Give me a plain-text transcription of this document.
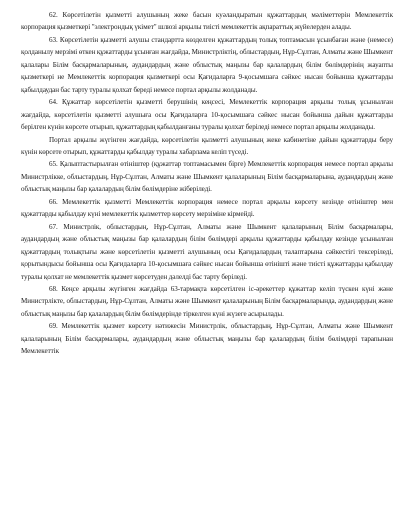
62. Көрсетілетін қызметті алушының жеке басын куәландыратын құжаттардың мәліметтерін Мемлекеттік корпорация қызметкері "электрондық үкімет" шлюзі арқылы тиісті мемлекеттік ақпараттық жүйелерден алады.

63. Көрсетілетін қызметті алушы стандартта көзделген құжаттардың толық топтамасын ұсынбаған және (немесе) қолданылу мерзімі өткен құжаттарды ұсынған жағдайда, Министрліктің, облыстардың, Нұр-Сұлтан, Алматы және Шымкент қалалары Білім басқармаларының, аудандардың және облыстық маңызы бар қалалардың білім бөлімдерінің жауапты қызметкері не Мемлекеттік корпорация қызметкері осы Қағидаларға 9-қосымшаға сәйкес нысан бойынша құжаттарды қабылдаудан бас тарту туралы қолхат береді немесе портал арқылы жолданады.

64. Құжаттар көрсетілетін қызметті берушінің кеңсесі, Мемлекеттік корпорация арқылы толық ұсынылған жағдайда, көрсетілетін қызметті алушыға осы Қағидаларға 10-қосымшаға сәйкес нысан бойынша дайын құжаттарды берілген күнін көрсете отырып, құжаттардың қабылданғаны туралы қолхат беріледі немесе портал арқылы жолданады.

Портал арқылы жүгінген жағдайда, көрсетілетін қызметті алушының жеке кабинетіне дайын құжаттарды беру күнін көрсете отырып, құжаттарды қабылдау туралы хабарлама келіп түседі.

65. Қалыптастырылған өтініштер (құжаттар топтамасымен бірге) Мемлекеттік корпорация немесе портал арқылы Министрлікке, облыстардың, Нұр-Сұлтан, Алматы және Шымкент қалаларының Білім басқармаларына, аудандардың және облыстық маңызы бар қалалардың білім бөлімдеріне жіберіледі.

66. Мемлекеттік қызметті Мемлекеттік корпорация немесе портал арқылы көрсету кезінде өтініштер мен құжаттарды қабылдау күні мемлекеттік қызметтер көрсету мерзіміне кірмейді.

67. Министрлік, облыстардың, Нұр-Сұлтан, Алматы және Шымкент қалаларының Білім басқармалары, аудандардың және облыстық маңызы бар қалалардың білім бөлімдері арқылы құжаттарды қабылдау кезінде ұсынылған құжаттардың толықтығы және көрсетілетін қызметті алушының осы Қағидалардың талаптарына сәйкестігі тексеріледі, қорытындысы бойынша осы Қағидаларға 10-қосымшаға сәйкес нысан бойынша өтінішті және тиісті құжаттарды қабылдау туралы қолхат не мемлекеттік қызмет көрсетуден дәлелді бас тарту беріледі.

68. Кеңсе арқылы жүгінген жағдайда 63-тармақта көрсетілген іс-әрекеттер құжаттар келіп түскен күні және Министрлікте, облыстардың, Нұр-Сұлтан, Алматы және Шымкент қалаларының Білім басқармаларында, аудандардың және облыстық маңызы бар қалалардың білім бөлімдерінде тіркелген күні жүзеге асырылады.

69. Мемлекеттік қызмет көрсету нәтижесін Министрлік, облыстардың, Нұр-Сұлтан, Алматы және Шымкент қалаларының Білім басқармалары, аудандардың және облыстық маңызы бар қалалардың білім бөлімдері тарапынан Мемлекеттік
